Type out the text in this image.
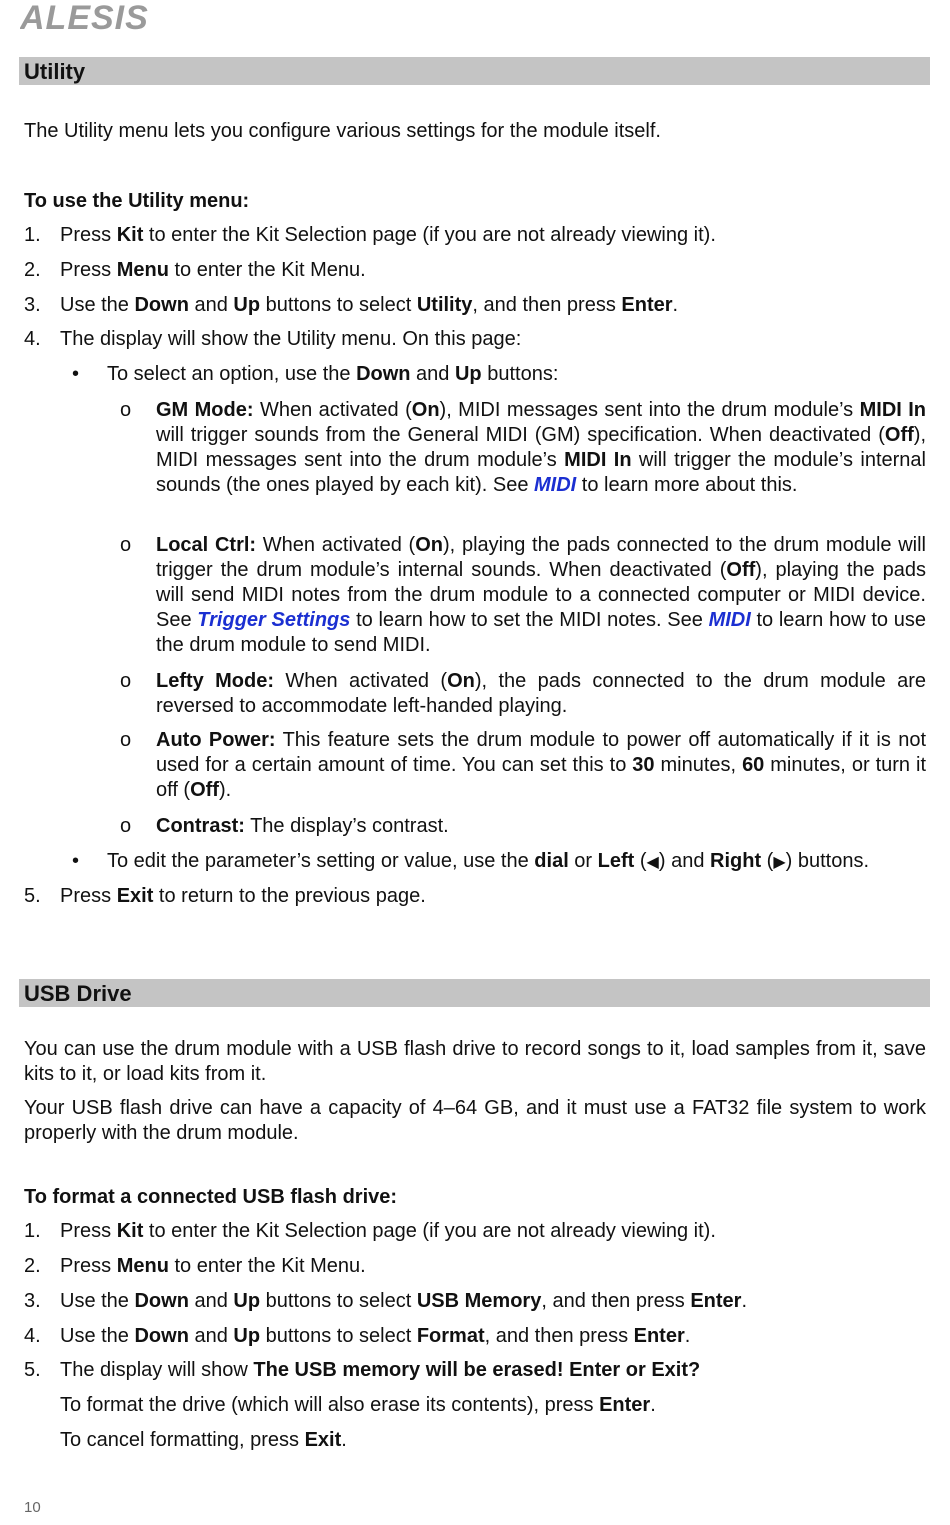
ALESIS
Utility
The Utility menu lets you configure various settings for the module itself.
To use the Utility menu:
1. Press Kit to enter the Kit Selection page (if you are not already viewing it).
2. Press Menu to enter the Kit Menu.
3. Use the Down and Up buttons to select Utility, and then press Enter.
4. The display will show the Utility menu. On this page:
• To select an option, use the Down and Up buttons:
o GM Mode: When activated (On), MIDI messages sent into the drum module’s MIDI In will trigger sounds from the General MIDI (GM) specification. When deactivated (Off), MIDI messages sent into the drum module’s MIDI In will trigger the module’s internal sounds (the ones played by each kit). See MIDI to learn more about this.
o Local Ctrl: When activated (On), playing the pads connected to the drum module will trigger the drum module’s internal sounds. When deactivated (Off), playing the pads will send MIDI notes from the drum module to a connected computer or MIDI device. See Trigger Settings to learn how to set the MIDI notes. See MIDI to learn how to use the drum module to send MIDI.
o Lefty Mode: When activated (On), the pads connected to the drum module are reversed to accommodate left-handed playing.
o Auto Power: This feature sets the drum module to power off automatically if it is not used for a certain amount of time. You can set this to 30 minutes, 60 minutes, or turn it off (Off).
o Contrast: The display’s contrast.
• To edit the parameter’s setting or value, use the dial or Left (◀) and Right (▶) buttons.
5. Press Exit to return to the previous page.
USB Drive
You can use the drum module with a USB flash drive to record songs to it, load samples from it, save kits to it, or load kits from it.
Your USB flash drive can have a capacity of 4–64 GB, and it must use a FAT32 file system to work properly with the drum module.
To format a connected USB flash drive:
1. Press Kit to enter the Kit Selection page (if you are not already viewing it).
2. Press Menu to enter the Kit Menu.
3. Use the Down and Up buttons to select USB Memory, and then press Enter.
4. Use the Down and Up buttons to select Format, and then press Enter.
5. The display will show The USB memory will be erased! Enter or Exit?
To format the drive (which will also erase its contents), press Enter.
To cancel formatting, press Exit.
10
